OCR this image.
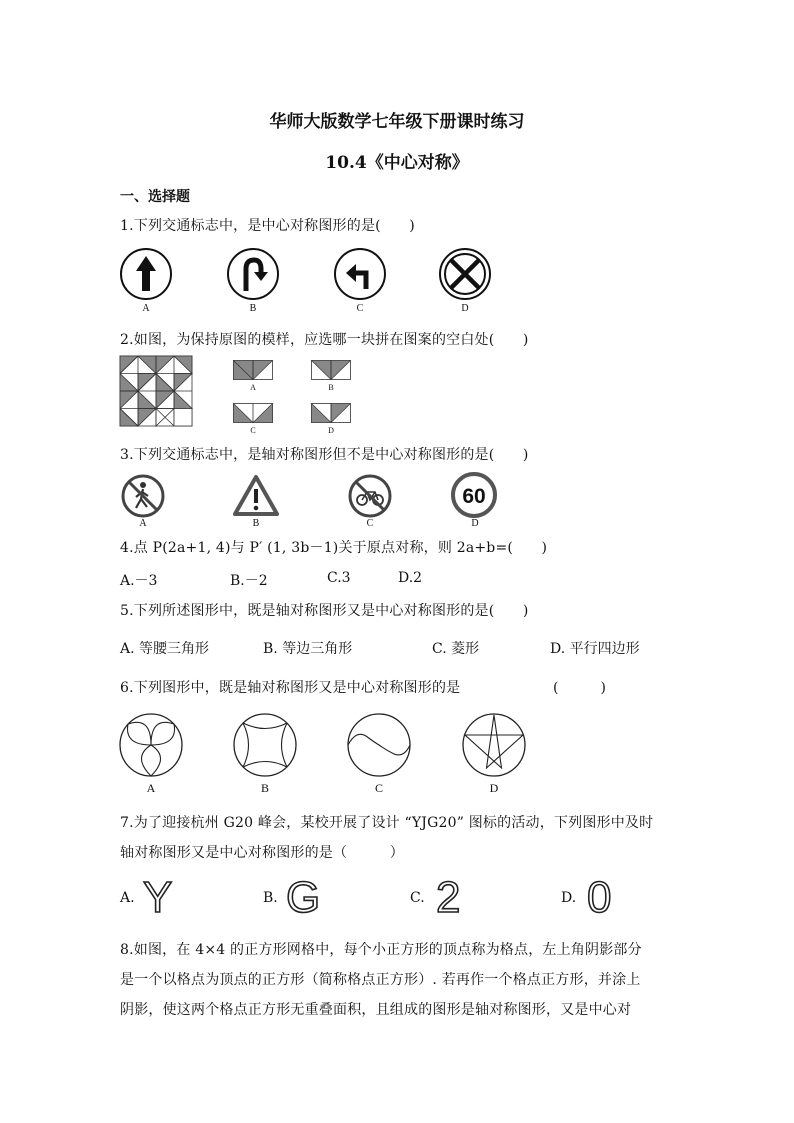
华师大版数学七年级下册课时练习
10.4《中心对称》
一、选择题
1.下列交通标志中，是中心对称图形的是(　　)
A	B	C	D
2.如图，为保持原图的模样，应选哪一块拼在图案的空白处(　　)
A	B
C	D
3.下列交通标志中，是轴对称图形但不是中心对称图形的是(　　)
A	B	C
60
D
4.点 P(2a+1, 4)与 P′ (1, 3b－1)关于原点对称，则 2a+b=(　　)
A.－3	B.－2	C.3	D.2
5.下列所述图形中，既是轴对称图形又是中心对称图形的是(　　)
A. 等腰三角形	B. 等边三角形	C. 菱形	D. 平行四边形
6.下列图形中，既是轴对称图形又是中心对称图形的是	(　　　)
A	B	C	D
7.为了迎接杭州 G20 峰会，某校开展了设计 “YJG20” 图标的活动，下列图形中及时
轴对称图形又是中心对称图形的是（　　　）
A. Y	B. G	C. 2	D. 0
8.如图，在 4×4 的正方形网格中，每个小正方形的顶点称为格点，左上角阴影部分
是一个以格点为顶点的正方形（简称格点正方形）. 若再作一个格点正方形，并涂上
阴影，使这两个格点正方形无重叠面积，且组成的图形是轴对称图形，又是中心对
